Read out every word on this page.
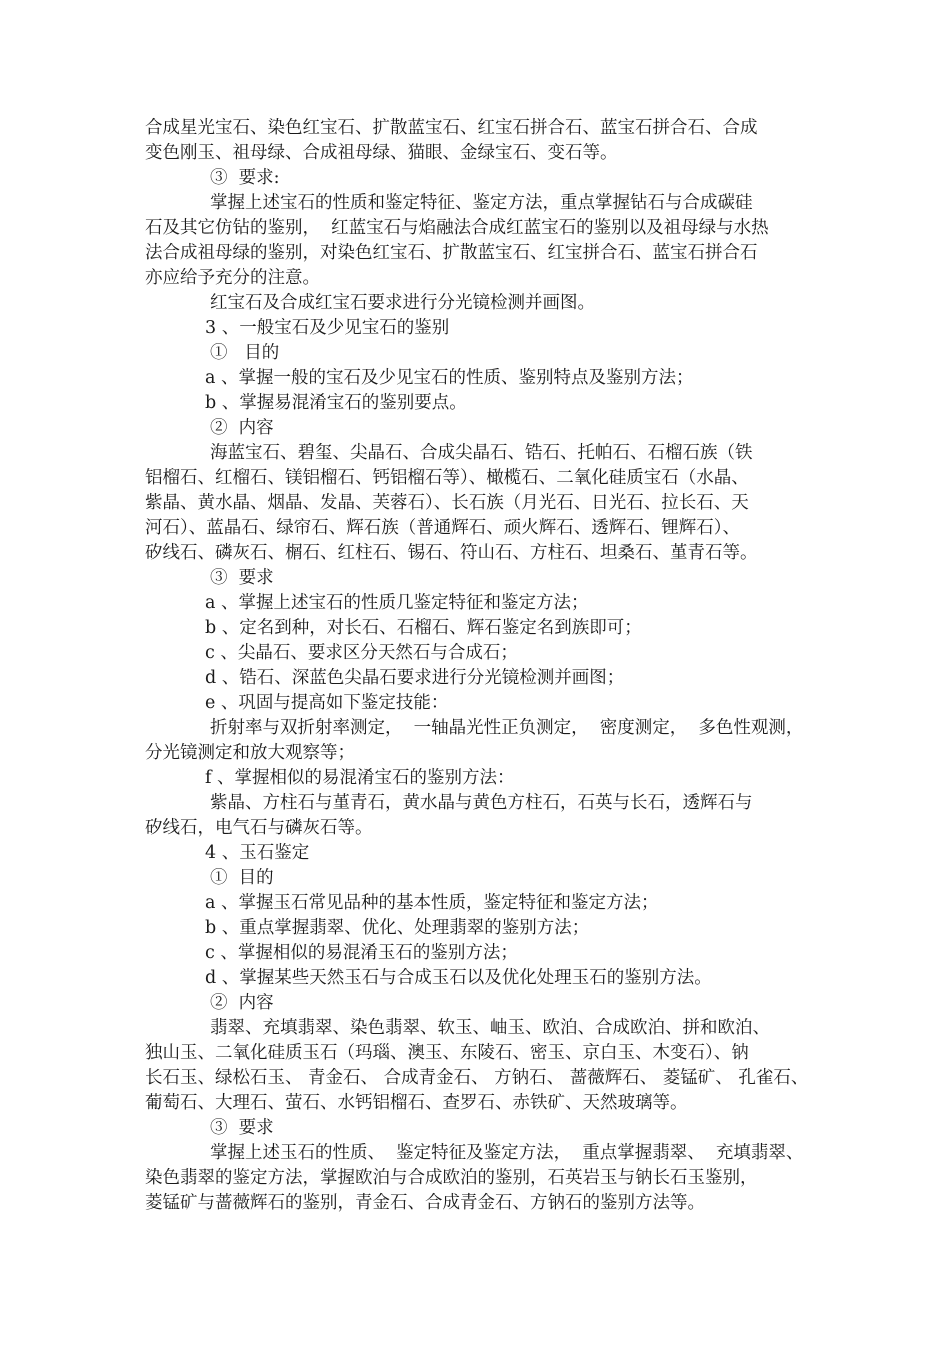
合成星光宝石、染色红宝石、扩散蓝宝石、红宝石拼合石、蓝宝石拼合石、合成
变色刚玉、祖母绿、合成祖母绿、猫眼、金绿宝石、变石等。
③  要求:
掌握上述宝石的性质和鉴定特征、鉴定方法，重点掌握钻石与合成碳硅
石及其它仿钻的鉴别，  红蓝宝石与焰融法合成红蓝宝石的鉴别以及祖母绿与水热
法合成祖母绿的鉴别，对染色红宝石、扩散蓝宝石、红宝拼合石、蓝宝石拼合石
亦应给予充分的注意。
红宝石及合成红宝石要求进行分光镜检测并画图。
3 、一般宝石及少见宝石的鉴别
①   目的
a 、掌握一般的宝石及少见宝石的性质、鉴别特点及鉴别方法；
b 、掌握易混淆宝石的鉴别要点。
②  内容
海蓝宝石、碧玺、尖晶石、合成尖晶石、锆石、托帕石、石榴石族（铁
铝榴石、红榴石、镁铝榴石、钙铝榴石等）、橄榄石、二氧化硅质宝石（水晶、
紫晶、黄水晶、烟晶、发晶、芙蓉石）、长石族（月光石、日光石、拉长石、天
河石）、蓝晶石、绿帘石、辉石族（普通辉石、顽火辉石、透辉石、锂辉石）、
矽线石、磷灰石、榍石、红柱石、锡石、符山石、方柱石、坦桑石、堇青石等。
③  要求
a 、掌握上述宝石的性质几鉴定特征和鉴定方法；
b 、定名到种，对长石、石榴石、辉石鉴定名到族即可；
c 、尖晶石、要求区分天然石与合成石；
d 、锆石、深蓝色尖晶石要求进行分光镜检测并画图；
e 、巩固与提高如下鉴定技能：
折射率与双折射率测定，  一轴晶光性正负测定，  密度测定，  多色性观测，
分光镜测定和放大观察等；
f 、掌握相似的易混淆宝石的鉴别方法：
紫晶、方柱石与堇青石，黄水晶与黄色方柱石，石英与长石，透辉石与
矽线石，电气石与磷灰石等。
4 、玉石鉴定
①  目的
a 、掌握玉石常见品种的基本性质，鉴定特征和鉴定方法；
b 、重点掌握翡翠、优化、处理翡翠的鉴别方法；
c 、掌握相似的易混淆玉石的鉴别方法；
d 、掌握某些天然玉石与合成玉石以及优化处理玉石的鉴别方法。
②  内容
翡翠、充填翡翠、染色翡翠、软玉、岫玉、欧泊、合成欧泊、拼和欧泊、
独山玉、二氧化硅质玉石（玛瑙、澳玉、东陵石、密玉、京白玉、木变石）、钠
长石玉、绿松石玉、 青金石、 合成青金石、 方钠石、 蔷薇辉石、 菱锰矿、 孔雀石、
葡萄石、大理石、萤石、水钙铝榴石、查罗石、赤铁矿、天然玻璃等。
③  要求
掌握上述玉石的性质、  鉴定特征及鉴定方法，  重点掌握翡翠、  充填翡翠、
染色翡翠的鉴定方法，掌握欧泊与合成欧泊的鉴别，石英岩玉与钠长石玉鉴别，
菱锰矿与蔷薇辉石的鉴别，青金石、合成青金石、方钠石的鉴别方法等。
